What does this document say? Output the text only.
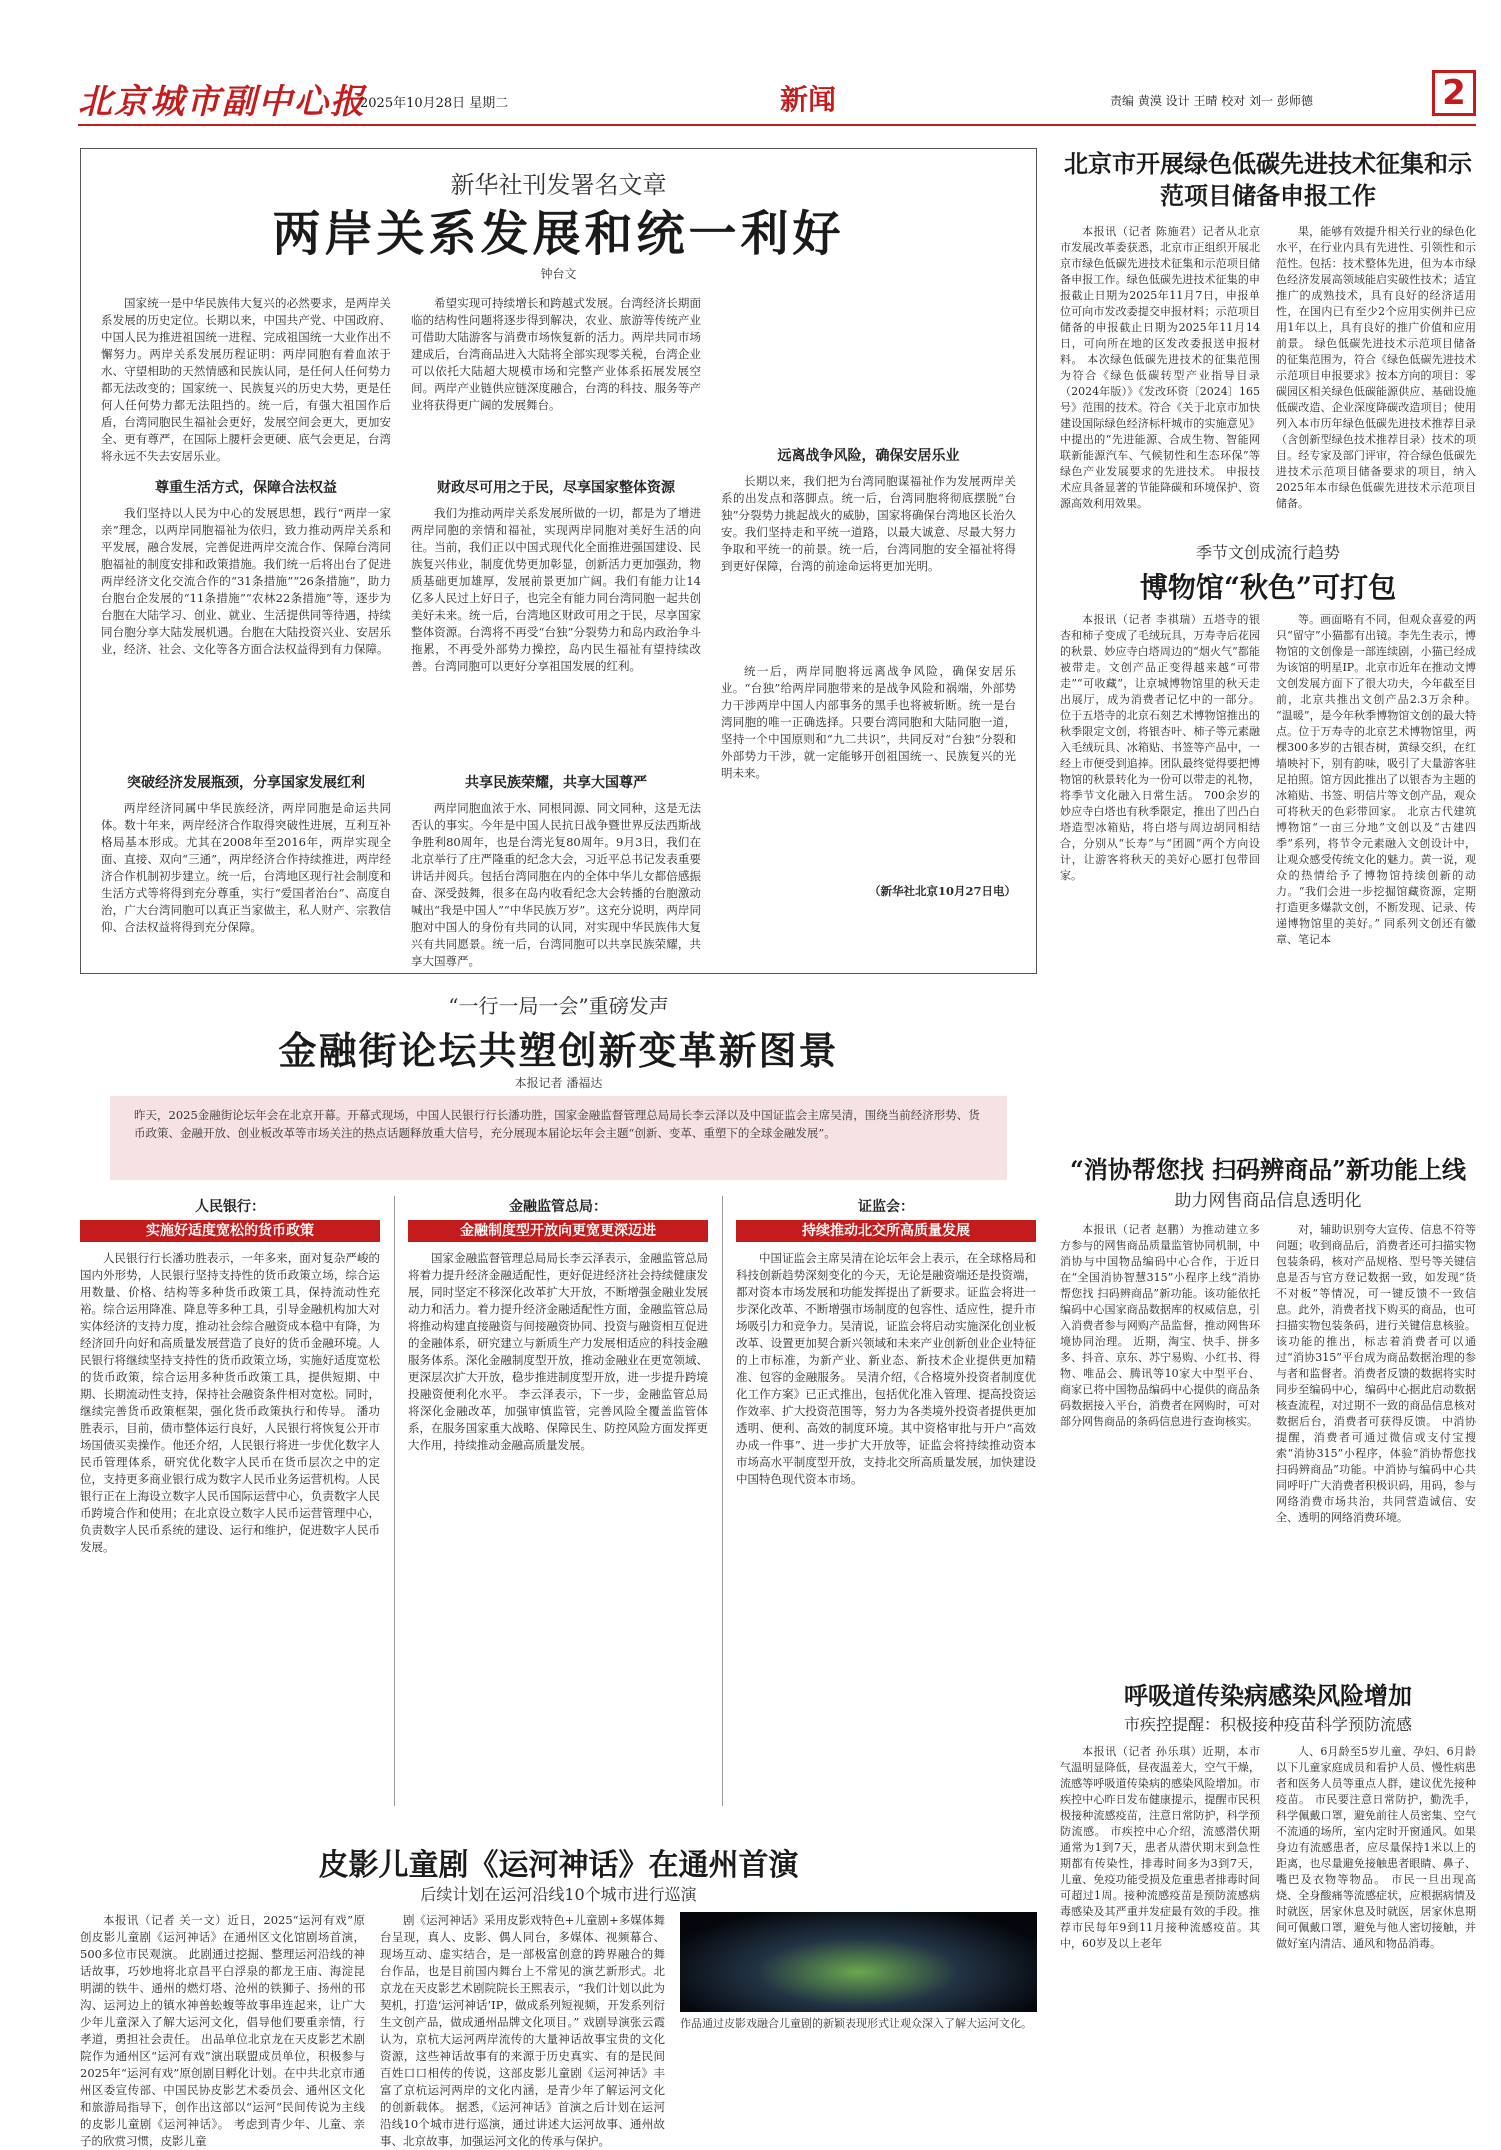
北京城市副中心报
2025年10月28日 星期二	新闻	责编 黄漠 设计 王晴 校对 刘一 彭师德	2
新华社刊发署名文章
两岸关系发展和统一利好
钟台文

国家统一是中华民族伟大复兴的必然要求，是两岸关系发展的历史定位。长期以来，中国共产党、中国政府、中国人民为推进祖国统一进程、完成祖国统一大业作出不懈努力。两岸关系发展历程证明：两岸同胞有着血浓于水、守望相助的天然情感和民族认同，是任何人任何势力都无法改变的；国家统一、民族复兴的历史大势，更是任何人任何势力都无法阻挡的。统一后，有强大祖国作后盾，台湾同胞民生福祉会更好，发展空间会更大，更加安全、更有尊严，在国际上腰杆会更硬、底气会更足，台湾将永远不失去安居乐业。

尊重生活方式，保障合法权益

我们坚持以人民为中心的发展思想，践行“两岸一家亲”理念，以两岸同胞福祉为依归，致力推动两岸关系和平发展，融合发展，完善促进两岸交流合作、保障台湾同胞福祉的制度安排和政策措施。我们统一后将出台了促进两岸经济文化交流合作的“31条措施”“26条措施”，助力台胞台企发展的“11条措施”“农林22条措施”等，逐步为台胞在大陆学习、创业、就业、生活提供同等待遇，持续同台胞分享大陆发展机遇。台胞在大陆投资兴业、安居乐业，经济、社会、文化等各方面合法权益得到有力保障。

突破经济发展瓶颈，分享国家发展红利

两岸经济同属中华民族经济，两岸同胞是命运共同体。数十年来，两岸经济合作取得突破性进展，互利互补格局基本形成。尤其在2008年至2016年，两岸实现全面、直接、双向“三通”，两岸经济合作持续推进，两岸经济合作机制初步建立。统一后，台湾地区现行社会制度和生活方式等将得到充分尊重，实行“爱国者治台”、高度自治，广大台湾同胞可以真正当家做主，私人财产、宗教信仰、合法权益将得到充分保障。

希望实现可持续增长和跨越式发展。台湾经济长期面临的结构性问题将逐步得到解决，农业、旅游等传统产业可借助大陆游客与消费市场恢复新的活力。两岸共同市场建成后，台湾商品进入大陆将全部实现零关税，台湾企业可以依托大陆超大规模市场和完整产业体系拓展发展空间。两岸产业链供应链深度融合，台湾的科技、服务等产业将获得更广阔的发展舞台。

财政尽可用之于民，尽享国家整体资源

我们为推动两岸关系发展所做的一切，都是为了增进两岸同胞的亲情和福祉，实现两岸同胞对美好生活的向往。当前，我们正以中国式现代化全面推进强国建设、民族复兴伟业，制度优势更加彰显，创新活力更加强劲，物质基础更加雄厚，发展前景更加广阔。我们有能力让14亿多人民过上好日子，也完全有能力同台湾同胞一起共创美好未来。统一后，台湾地区财政可用之于民，尽享国家整体资源。台湾将不再受“台独”分裂势力和岛内政治争斗拖累，不再受外部势力操控，岛内民生福祉有望持续改善。台湾同胞可以更好分享祖国发展的红利。

共享民族荣耀，共享大国尊严

两岸同胞血浓于水、同根同源、同文同种，这是无法否认的事实。今年是中国人民抗日战争暨世界反法西斯战争胜利80周年，也是台湾光复80周年。9月3日，我们在北京举行了庄严隆重的纪念大会，习近平总书记发表重要讲话并阅兵。包括台湾同胞在内的全体中华儿女都倍感振奋、深受鼓舞，很多在岛内收看纪念大会转播的台胞激动喊出“我是中国人”“中华民族万岁”。这充分说明，两岸同胞对中国人的身份有共同的认同，对实现中华民族伟大复兴有共同愿景。统一后，台湾同胞可以共享民族荣耀，共享大国尊严。

远离战争风险，确保安居乐业

长期以来，我们把为台湾同胞谋福祉作为发展两岸关系的出发点和落脚点。统一后，台湾同胞将彻底摆脱“台独”分裂势力挑起战火的威胁，国家将确保台湾地区长治久安。我们坚持走和平统一道路，以最大诚意、尽最大努力争取和平统一的前景。统一后，台湾同胞的安全福祉将得到更好保障，台湾的前途命运将更加光明。

统一后，两岸同胞将远离战争风险，确保安居乐业。“台独”给两岸同胞带来的是战争风险和祸端，外部势力干涉两岸中国人内部事务的黑手也将被斩断。统一是台湾同胞的唯一正确选择。只要台湾同胞和大陆同胞一道，坚持一个中国原则和“九二共识”，共同反对“台独”分裂和外部势力干涉，就一定能够开创祖国统一、民族复兴的光明未来。

（新华社北京10月27日电）

“一行一局一会”重磅发声
金融街论坛共塑创新变革新图景
本报记者 潘福达
昨天，2025金融街论坛年会在北京开幕。开幕式现场，中国人民银行行长潘功胜，国家金融监督管理总局局长李云泽以及中国证监会主席吴清，围绕当前经济形势、货币政策、金融开放、创业板改革等市场关注的热点话题释放重大信号，充分展现本届论坛年会主题“创新、变革、重塑下的全球金融发展”。

人民银行：

实施好适度宽松的货币政策

人民银行行长潘功胜表示，一年多来，面对复杂严峻的国内外形势，人民银行坚持支持性的货币政策立场，综合运用数量、价格、结构等多种货币政策工具，保持流动性充裕。综合运用降准、降息等多种工具，引导金融机构加大对实体经济的支持力度，推动社会综合融资成本稳中有降，为经济回升向好和高质量发展营造了良好的货币金融环境。人民银行将继续坚持支持性的货币政策立场，实施好适度宽松的货币政策，综合运用多种货币政策工具，提供短期、中期、长期流动性支持，保持社会融资条件相对宽松。同时，继续完善货币政策框架，强化货币政策执行和传导。 潘功胜表示，目前，债市整体运行良好，人民银行将恢复公开市场国债买卖操作。他还介绍，人民银行将进一步优化数字人民币管理体系，研究优化数字人民币在货币层次之中的定位，支持更多商业银行成为数字人民币业务运营机构。人民银行正在上海设立数字人民币国际运营中心，负责数字人民币跨境合作和使用；在北京设立数字人民币运营管理中心，负责数字人民币系统的建设、运行和维护，促进数字人民币发展。

金融监管总局：

金融制度型开放向更宽更深迈进

国家金融监督管理总局局长李云泽表示，金融监管总局将着力提升经济金融适配性，更好促进经济社会持续健康发展，同时坚定不移深化改革扩大开放，不断增强金融业发展动力和活力。着力提升经济金融适配性方面，金融监管总局将推动构建直接融资与间接融资协同、投资与融资相互促进的金融体系，研究建立与新质生产力发展相适应的科技金融服务体系。深化金融制度型开放，推动金融业在更宽领域、更深层次扩大开放，稳步推进制度型开放，进一步提升跨境投融资便利化水平。 李云泽表示，下一步，金融监管总局将深化金融改革，加强审慎监管，完善风险全覆盖监管体系，在服务国家重大战略、保障民生、防控风险方面发挥更大作用，持续推动金融高质量发展。

证监会：

持续推动北交所高质量发展

中国证监会主席吴清在论坛年会上表示，在全球格局和科技创新趋势深刻变化的今天，无论是融资端还是投资端，都对资本市场发展和功能发挥提出了新要求。证监会将进一步深化改革、不断增强市场制度的包容性、适应性，提升市场吸引力和竞争力。吴清说，证监会将启动实施深化创业板改革、设置更加契合新兴领域和未来产业创新创业企业特征的上市标准，为新产业、新业态、新技术企业提供更加精准、包容的金融服务。 吴清介绍，《合格境外投资者制度优化工作方案》已正式推出，包括优化准入管理、提高投资运作效率、扩大投资范围等，努力为各类境外投资者提供更加透明、便利、高效的制度环境。其中资格审批与开户“高效办成一件事”、进一步扩大开放等，证监会将持续推动资本市场高水平制度型开放，支持北交所高质量发展，加快建设中国特色现代资本市场。

皮影儿童剧《运河神话》在通州首演
后续计划在运河沿线10个城市进行巡演

本报讯（记者 关一文）近日，2025“运河有戏”原创皮影儿童剧《运河神话》在通州区文化馆剧场首演，500多位市民观演。 此剧通过挖掘、整理运河沿线的神话故事，巧妙地将北京昌平白浮泉的都龙王庙、海淀昆明湖的铁牛、通州的燃灯塔、沧州的铁狮子、扬州的邗沟、运河边上的镇水神兽蚣蝮等故事串连起来，让广大少年儿童深入了解大运河文化，倡导他们要重亲情，行孝道，勇担社会责任。 出品单位北京龙在天皮影艺术剧院作为通州区“运河有戏”演出联盟成员单位，积极参与2025年“运河有戏”原创剧目孵化计划。在中共北京市通州区委宣传部、中国民协皮影艺术委员会、通州区文化和旅游局指导下，创作出这部以“运河”民间传说为主线的皮影儿童剧《运河神话》。 考虑到青少年、儿童、亲子的欣赏习惯，皮影儿童

剧《运河神话》采用皮影戏特色+儿童剧+多媒体舞台呈现，真人、皮影、偶人同台，多媒体、视频幕合、现场互动、虚实结合，是一部极富创意的跨界融合的舞台作品，也是目前国内舞台上不常见的演艺新形式。北京龙在天皮影艺术剧院院长王熙表示，“我们计划以此为契机，打造‘运河神话’IP，做成系列短视频，开发系列衍生文创产品，做成通州品牌文化项目。” 戏剧导演张云霞认为，京杭大运河两岸流传的大量神话故事宝贵的文化资源，这些神话故事有的来源于历史真实、有的是民间百姓口口相传的传说，这部皮影儿童剧《运河神话》丰富了京杭运河两岸的文化内涵，是青少年了解运河文化的创新载体。 据悉，《运河神话》首演之后计划在运河沿线10个城市进行巡演，通过讲述大运河故事、通州故事、北京故事，加强运河文化的传承与保护。

作品通过皮影戏融合儿童剧的新颖表现形式让观众深入了解大运河文化。

北京市开展绿色低碳先进技术征集和示范项目储备申报工作

本报讯（记者 陈施君）记者从北京市发展改革委获悉，北京市正组织开展北京市绿色低碳先进技术征集和示范项目储备申报工作。绿色低碳先进技术征集的申报截止日期为2025年11月7日，申报单位可向市发改委提交申报材料；示范项目储备的申报截止日期为2025年11月14日，可向所在地的区发改委报送申报材料。 本次绿色低碳先进技术的征集范围为符合《绿色低碳转型产业指导目录（2024年版）》《发改环资〔2024〕165号》范围的技术。符合《关于北京市加快建设国际绿色经济标杆城市的实施意见》中提出的“先进能源、合成生物、智能网联新能源汽车、气候韧性和生态环保”等绿色产业发展要求的先进技术。 申报技术应具备显著的节能降碳和环境保护、资源高效利用效果。

果，能够有效提升相关行业的绿色化水平，在行业内具有先进性、引领性和示范性。包括：技术整体先进，但为本市绿色经济发展高领域能启实破性技术；适宜推广的成熟技术，具有良好的经济适用性，在国内已有至少2个应用实例并已应用1年以上，具有良好的推广价值和应用前景。 绿色低碳先进技术示范项目储备的征集范围为，符合《绿色低碳先进技术示范项目申报要求》按本方向的项目：零碳园区相关绿色低碳能源供应、基础设施低碳改造、企业深度降碳改造项目；使用列入本市历年绿色低碳先进技术推荐目录（含创新型绿色技术推荐目录）技术的项目。经专家及部门评审，符合绿色低碳先进技术示范项目储备要求的项目，纳入2025年本市绿色低碳先进技术示范项目储备。

季节文创成流行趋势
博物馆“秋色”可打包

本报讯（记者 李祺瑞）五塔寺的银杏和柿子变成了毛绒玩具，万寿寺后花园的秋景、妙应寺白塔周边的“烟火气”都能被带走。文创产品正变得越来越“可带走”“可收藏”，让京城博物馆里的秋天走出展厅，成为消费者记忆中的一部分。 位于五塔寺的北京石刻艺术博物馆推出的秋季限定文创，将银杏叶、柿子等元素融入毛绒玩具、冰箱贴、书签等产品中，一经上市便受到追捧。团队最终觉得要把博物馆的秋景转化为一份可以带走的礼物，将季节文化融入日常生活。 700余岁的妙应寺白塔也有秋季限定，推出了凹凸白塔造型冰箱贴，将白塔与周边胡同相结合，分别从“长寿”与“团圆”两个方向设计，让游客将秋天的美好心愿打包带回家。

等。画面略有不同，但观众喜爱的两只“留守”小猫都有出镜。李先生表示，博物馆的文创像是一部连续剧，小猫已经成为该馆的明星IP。北京市近年在推动文博文创发展方面下了很大功夫，今年截至目前，北京共推出文创产品2.3万余种。 “温暖”，是今年秋季博物馆文创的最大特点。位于万寿寺的北京艺术博物馆里，两棵300多岁的古银杏树，黄绿交织，在红墙映衬下，别有韵味，吸引了大量游客驻足拍照。馆方因此推出了以银杏为主题的冰箱贴、书签、明信片等文创产品，观众可将秋天的色彩带回家。 北京古代建筑博物馆“一亩三分地”文创以及“古建四季”系列，将节令元素融入文创设计中，让观众感受传统文化的魅力。黄一说，观众的热情给予了博物馆持续创新的动力。“我们会进一步挖掘馆藏资源，定期打造更多爆款文创，不断发现、记录、传递博物馆里的美好。” 同系列文创还有徽章、笔记本

“消协帮您找 扫码辨商品”新功能上线
助力网售商品信息透明化

本报讯（记者 赵鹏）为推动建立多方参与的网售商品质量监管协同机制，中消协与中国物品编码中心合作，于近日在“全国消协智慧315”小程序上线“消协帮您找 扫码辨商品”新功能。该功能依托编码中心国家商品数据库的权威信息，引入消费者参与网购产品监督，推动网售环境协同治理。 近期，淘宝、快手、拼多多、抖音、京东、苏宁易购、小红书、得物、唯品会、腾讯等10家大中型平台、商家已将中国物品编码中心提供的商品条码数据接入平台，消费者在网购时，可对部分网售商品的条码信息进行查询核实。

对，辅助识别夸大宣传、信息不符等问题；收到商品后，消费者还可扫描实物包装条码，核对产品规格、型号等关键信息是否与官方登记数据一致，如发现“货不对板”等情况，可一键反馈不一致信息。此外，消费者找下购买的商品，也可扫描实物包装条码，进行关键信息核验。 该功能的推出，标志着消费者可以通过“消协315”平台成为商品数据治理的参与者和监督者。消费者反馈的数据将实时同步至编码中心，编码中心据此启动数据核查流程，对过期不一致的商品信息核对数据后台，消费者可获得反馈。 中消协提醒，消费者可通过微信或支付宝搜索“消协315”小程序，体验“消协帮您找 扫码辨商品”功能。中消协与编码中心共同呼吁广大消费者积极识码，用码，参与网络消费市场共治，共同营造诚信、安全、透明的网络消费环境。

呼吸道传染病感染风险增加
市疾控提醒：积极接种疫苗科学预防流感

本报讯（记者 孙乐琪）近期，本市气温明显降低，昼夜温差大，空气干燥，流感等呼吸道传染病的感染风险增加。市疾控中心昨日发布健康提示，提醒市民积极接种流感疫苗，注意日常防护，科学预防流感。 市疾控中心介绍，流感潜伏期通常为1到7天，患者从潜伏期末到急性期都有传染性，排毒时间多为3到7天，儿童、免疫功能受损及危重患者排毒时间可超过1周。接种流感疫苗是预防流感病毒感染及其严重并发症最有效的手段。推荐市民每年9到11月接种流感疫苗。其中，60岁及以上老年

人、6月龄至5岁儿童、孕妇、6月龄以下儿童家庭成员和看护人员、慢性病患者和医务人员等重点人群，建议优先接种疫苗。 市民要注意日常防护，勤洗手，科学佩戴口罩，避免前往人员密集、空气不流通的场所，室内定时开窗通风。如果身边有流感患者，应尽量保持1米以上的距离，也尽量避免接触患者眼睛、鼻子、嘴巴及衣物等物品。 市民一旦出现高烧、全身酸痛等流感症状，应根据病情及时就医，居家休息及时就医，居家休息期间可佩戴口罩，避免与他人密切接触，并做好室内清洁、通风和物品消毒。
